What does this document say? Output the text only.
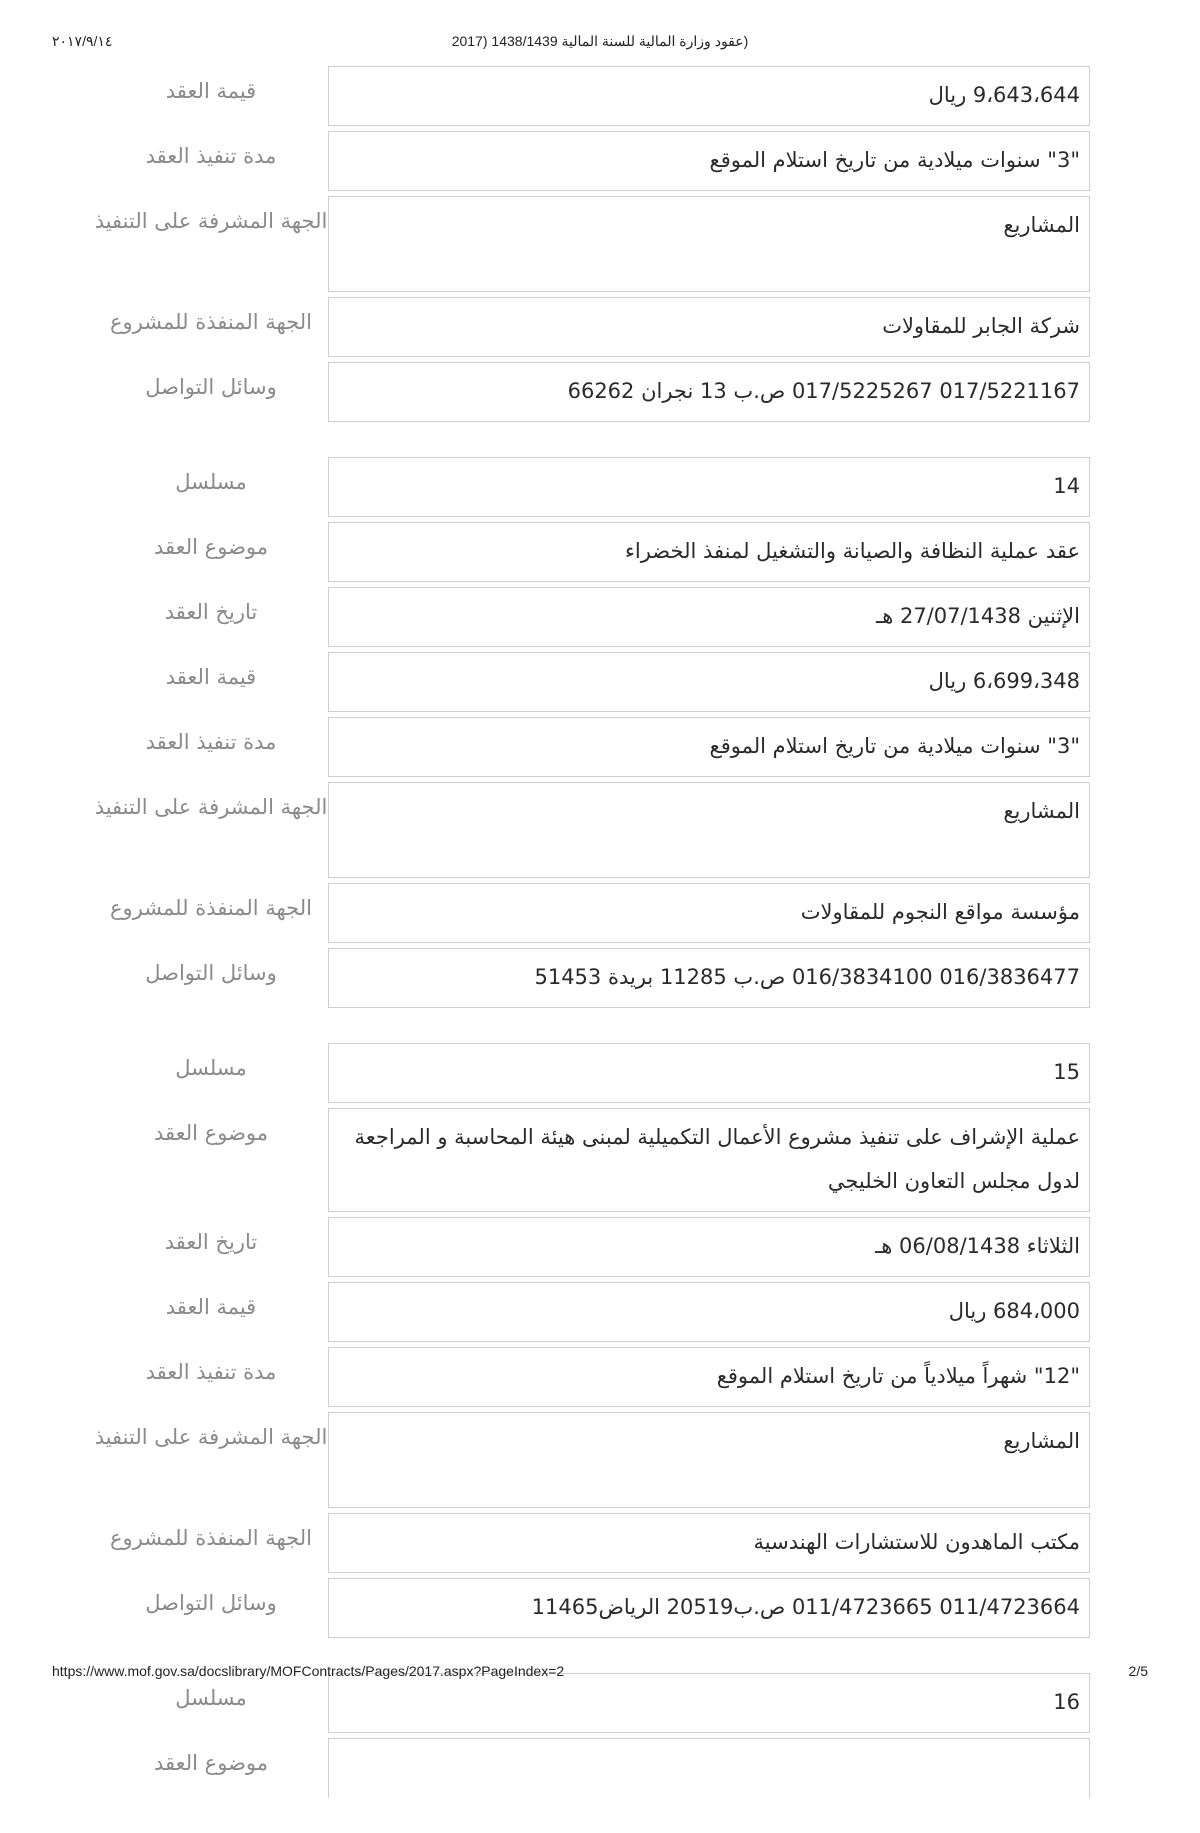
٢٠١٧/٩/١٤	(عقود وزارة المالية للسنة المالية 1438/1439 (2017
قيمة العقد	9،643،644 ريال
مدة تنفيذ العقد	"3" سنوات ميلادية من تاريخ استلام الموقع
الجهة المشرفة على التنفيذ	المشاريع
الجهة المنفذة للمشروع	شركة الجابر للمقاولات
وسائل التواصل	017/5221167 017/5225267 ص.ب 13 نجران 66262
مسلسل	14
موضوع العقد	عقد عملية النظافة والصيانة والتشغيل لمنفذ الخضراء
تاريخ العقد	الإثنين 27/07/1438 هـ
قيمة العقد	6،699،348 ريال
مدة تنفيذ العقد	"3" سنوات ميلادية من تاريخ استلام الموقع
الجهة المشرفة على التنفيذ	المشاريع
الجهة المنفذة للمشروع	مؤسسة مواقع النجوم للمقاولات
وسائل التواصل	016/3836477 016/3834100 ص.ب 11285 بريدة 51453
مسلسل	15
موضوع العقد	عملية الإشراف على تنفيذ مشروع الأعمال التكميلية لمبنى هيئة المحاسبة و المراجعة لدول مجلس التعاون الخليجي
تاريخ العقد	الثلاثاء 06/08/1438 هـ
قيمة العقد	684،000 ريال
مدة تنفيذ العقد	"12" شهراً ميلادياً من تاريخ استلام الموقع
الجهة المشرفة على التنفيذ	المشاريع
الجهة المنفذة للمشروع	مكتب الماهدون للاستشارات الهندسية
وسائل التواصل	011/4723664 011/4723665 ص.ب20519 الرياض11465
مسلسل	16
موضوع العقد
https://www.mof.gov.sa/docslibrary/MOFContracts/Pages/2017.aspx?PageIndex=2	2/5
